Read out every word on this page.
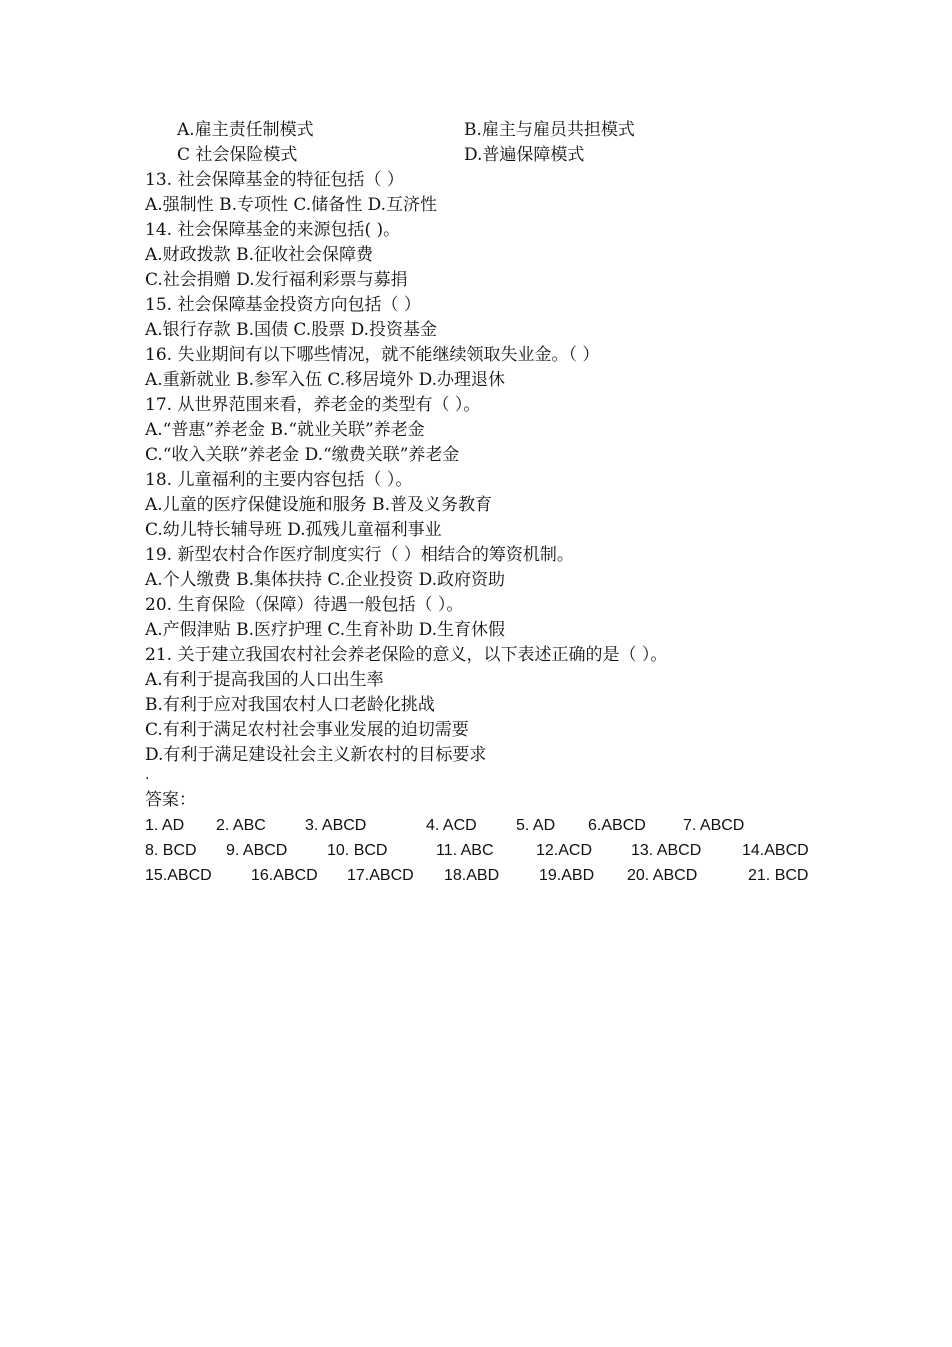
A.雇主责任制模式	B.雇主与雇员共担模式
C 社会保险模式	D.普遍保障模式
13. 社会保障基金的特征包括（ ）
A.强制性 B.专项性 C.储备性 D.互济性
14. 社会保障基金的来源包括( )。
A.财政拨款 B.征收社会保障费
C.社会捐赠 D.发行福利彩票与募捐
15. 社会保障基金投资方向包括（ ）
A.银行存款 B.国债 C.股票 D.投资基金
16. 失业期间有以下哪些情况，就不能继续领取失业金。（ ）
A.重新就业 B.参军入伍 C.移居境外 D.办理退休
17. 从世界范围来看，养老金的类型有（ ）。
A.“普惠”养老金 B.“就业关联”养老金
C.“收入关联”养老金 D.“缴费关联”养老金
18. 儿童福利的主要内容包括（ ）。
A.儿童的医疗保健设施和服务 B.普及义务教育
C.幼儿特长辅导班 D.孤残儿童福利事业
19. 新型农村合作医疗制度实行（ ）相结合的筹资机制。
A.个人缴费 B.集体扶持 C.企业投资 D.政府资助
20. 生育保险（保障）待遇一般包括（ ）。
A.产假津贴 B.医疗护理 C.生育补助 D.生育休假
21. 关于建立我国农村社会养老保险的意义，以下表述正确的是（ ）。
A.有利于提高我国的人口出生率
B.有利于应对我国农村人口老龄化挑战
C.有利于满足农村社会事业发展的迫切需要
D.有利于满足建设社会主义新农村的目标要求
.
答案：
1. AD 2. ABC 3. ABCD	4. ACD 5. AD 6.ABCD 7. ABCD
8. BCD 9. ABCD 10. BCD	11. ABC	12.ACD 13. ABCD	14.ABCD
15.ABCD 16.ABCD 17.ABCD 18.ABD 19.ABD 20. ABCD	21. BCD
